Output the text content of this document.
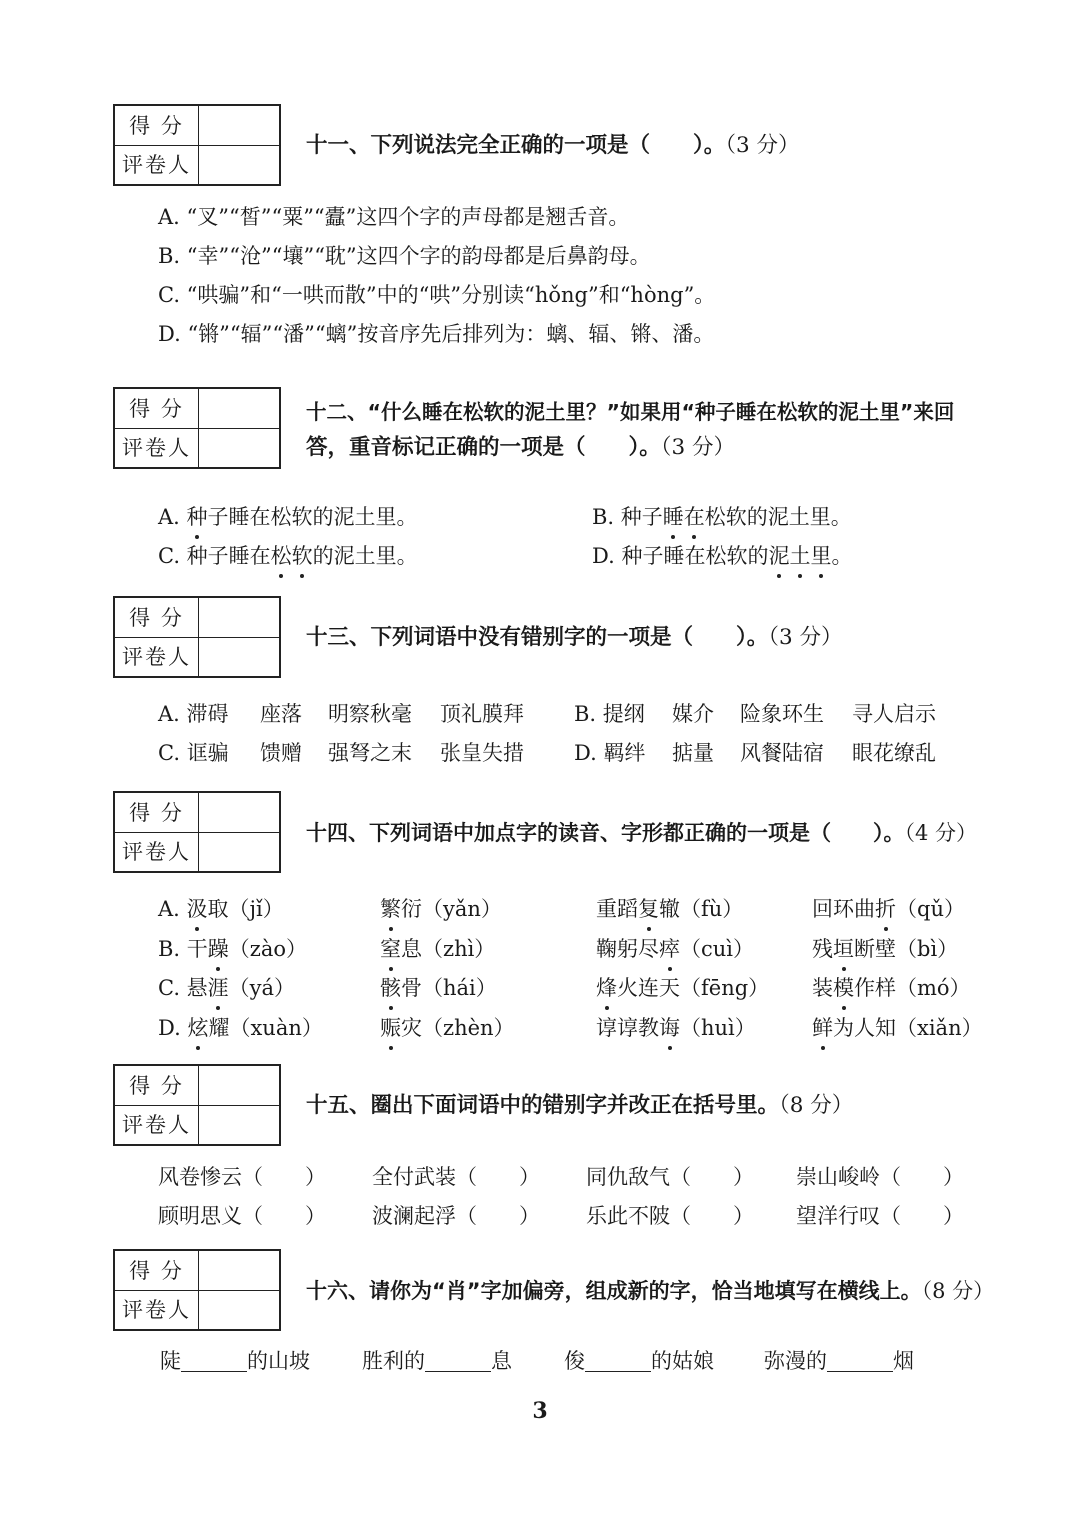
得 分
评卷人
十一、下列说法完全正确的一项是（　　）。（3 分）
A. “叉”“皙”“粟”“蠹”这四个字的声母都是翘舌音。
B. “幸”“沧”“壤”“耽”这四个字的韵母都是后鼻韵母。
C. “哄骗”和“一哄而散”中的“哄”分别读“hǒng”和“hòng”。
D. “锵”“辐”“潘”“螭”按音序先后排列为：螭、辐、锵、潘。
得 分
评卷人
十二、“什么睡在松软的泥土里？”如果用“种子睡在松软的泥土里”来回
答，重音标记正确的一项是（　　）。（3 分）
A. 种子睡在松软的泥土里。	B. 种子睡在松软的泥土里。
C. 种子睡在松软的泥土里。	D. 种子睡在松软的泥土里。
得 分
评卷人
十三、下列词语中没有错别字的一项是（　　）。（3 分）
A. 滞碍 座落 明察秋毫 顶礼膜拜 B. 提纲 媒介 险象环生 寻人启示
C. 诓骗 馈赠 强弩之末 张皇失措 D. 羁绊 掂量 风餐陆宿 眼花缭乱
得 分
评卷人
十四、下列词语中加点字的读音、字形都正确的一项是（　　）。（4 分）
A. 汲取（jǐ）	繁衍（yǎn）	重蹈复辙（fù）	回环曲折（qǔ）
B. 干躁（zào）	窒息（zhì）	鞠躬尽瘁（cuì）	残垣断壁（bì）
C. 悬涯（yá）	骸骨（hái）	烽火连天（fēng） 装模作样（mó）
D. 炫耀（xuàn）	赈灾（zhèn）	谆谆教诲（huì）	鲜为人知（xiǎn）
得 分
评卷人
十五、圈出下面词语中的错别字并改正在括号里。（8 分）
风卷惨云（　　） 全付武装（　　） 同仇敌气（　　） 崇山峻岭（　　）
顾明思义（　　） 波澜起浮（　　） 乐此不陂（　　） 望洋行叹（　　）
得 分
评卷人
十六、请你为“肖”字加偏旁，组成新的字，恰当地填写在横线上。（8 分）
陡	的山坡 胜利的	息 俊	的姑娘 弥漫的	烟
3
